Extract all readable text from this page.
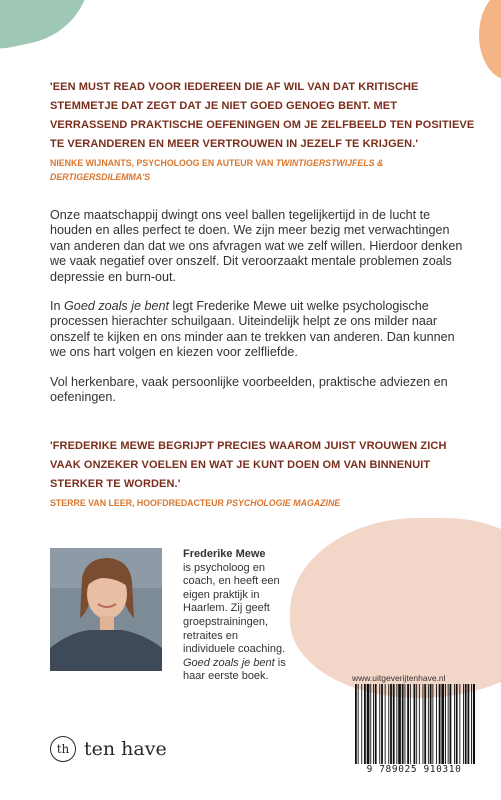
'EEN MUST READ VOOR IEDEREEN DIE AF WIL VAN DAT KRITISCHE STEMMETJE DAT ZEGT DAT JE NIET GOED GENOEG BENT. MET VERRASSEND PRAKTISCHE OEFENINGEN OM JE ZELFBEELD TEN POSITIEVE TE VERANDEREN EN MEER VERTROUWEN IN JEZELF TE KRIJGEN.'

NIENKE WIJNANTS, PSYCHOLOOG EN AUTEUR VAN TWINTIGERSTWIJFELS & DERTIGERSDILEMMA'S

Onze maatschappij dwingt ons veel ballen tegelijkertijd in de lucht te houden en alles perfect te doen. We zijn meer bezig met verwachtingen van anderen dan dat we ons afvragen wat we zelf willen. Hierdoor denken we vaak negatief over onszelf. Dit veroorzaakt mentale problemen zoals depressie en burn-out.

In Goed zoals je bent legt Frederike Mewe uit welke psychologische processen hierachter schuilgaan. Uiteindelijk helpt ze ons milder naar onszelf te kijken en ons minder aan te trekken van anderen. Dan kunnen we ons hart volgen en kiezen voor zelfliefde.

Vol herkenbare, vaak persoonlijke voorbeelden, praktische adviezen en oefeningen.

'FREDERIKE MEWE BEGRIJPT PRECIES WAAROM JUIST VROUWEN ZICH VAAK ONZEKER VOELEN EN WAT JE KUNT DOEN OM VAN BINNENUIT STERKER TE WORDEN.'

STERRE VAN LEER, HOOFDREDACTEUR PSYCHOLOGIE MAGAZINE

Frederike Mewe
is psycholoog en coach, en heeft een eigen praktijk in Haarlem. Zij geeft groepstrainingen, retraites en individuele coaching. Goed zoals je bent is haar eerste boek.	www.uitgeverijtenhave.nl
9 789025 910310
th ten have
